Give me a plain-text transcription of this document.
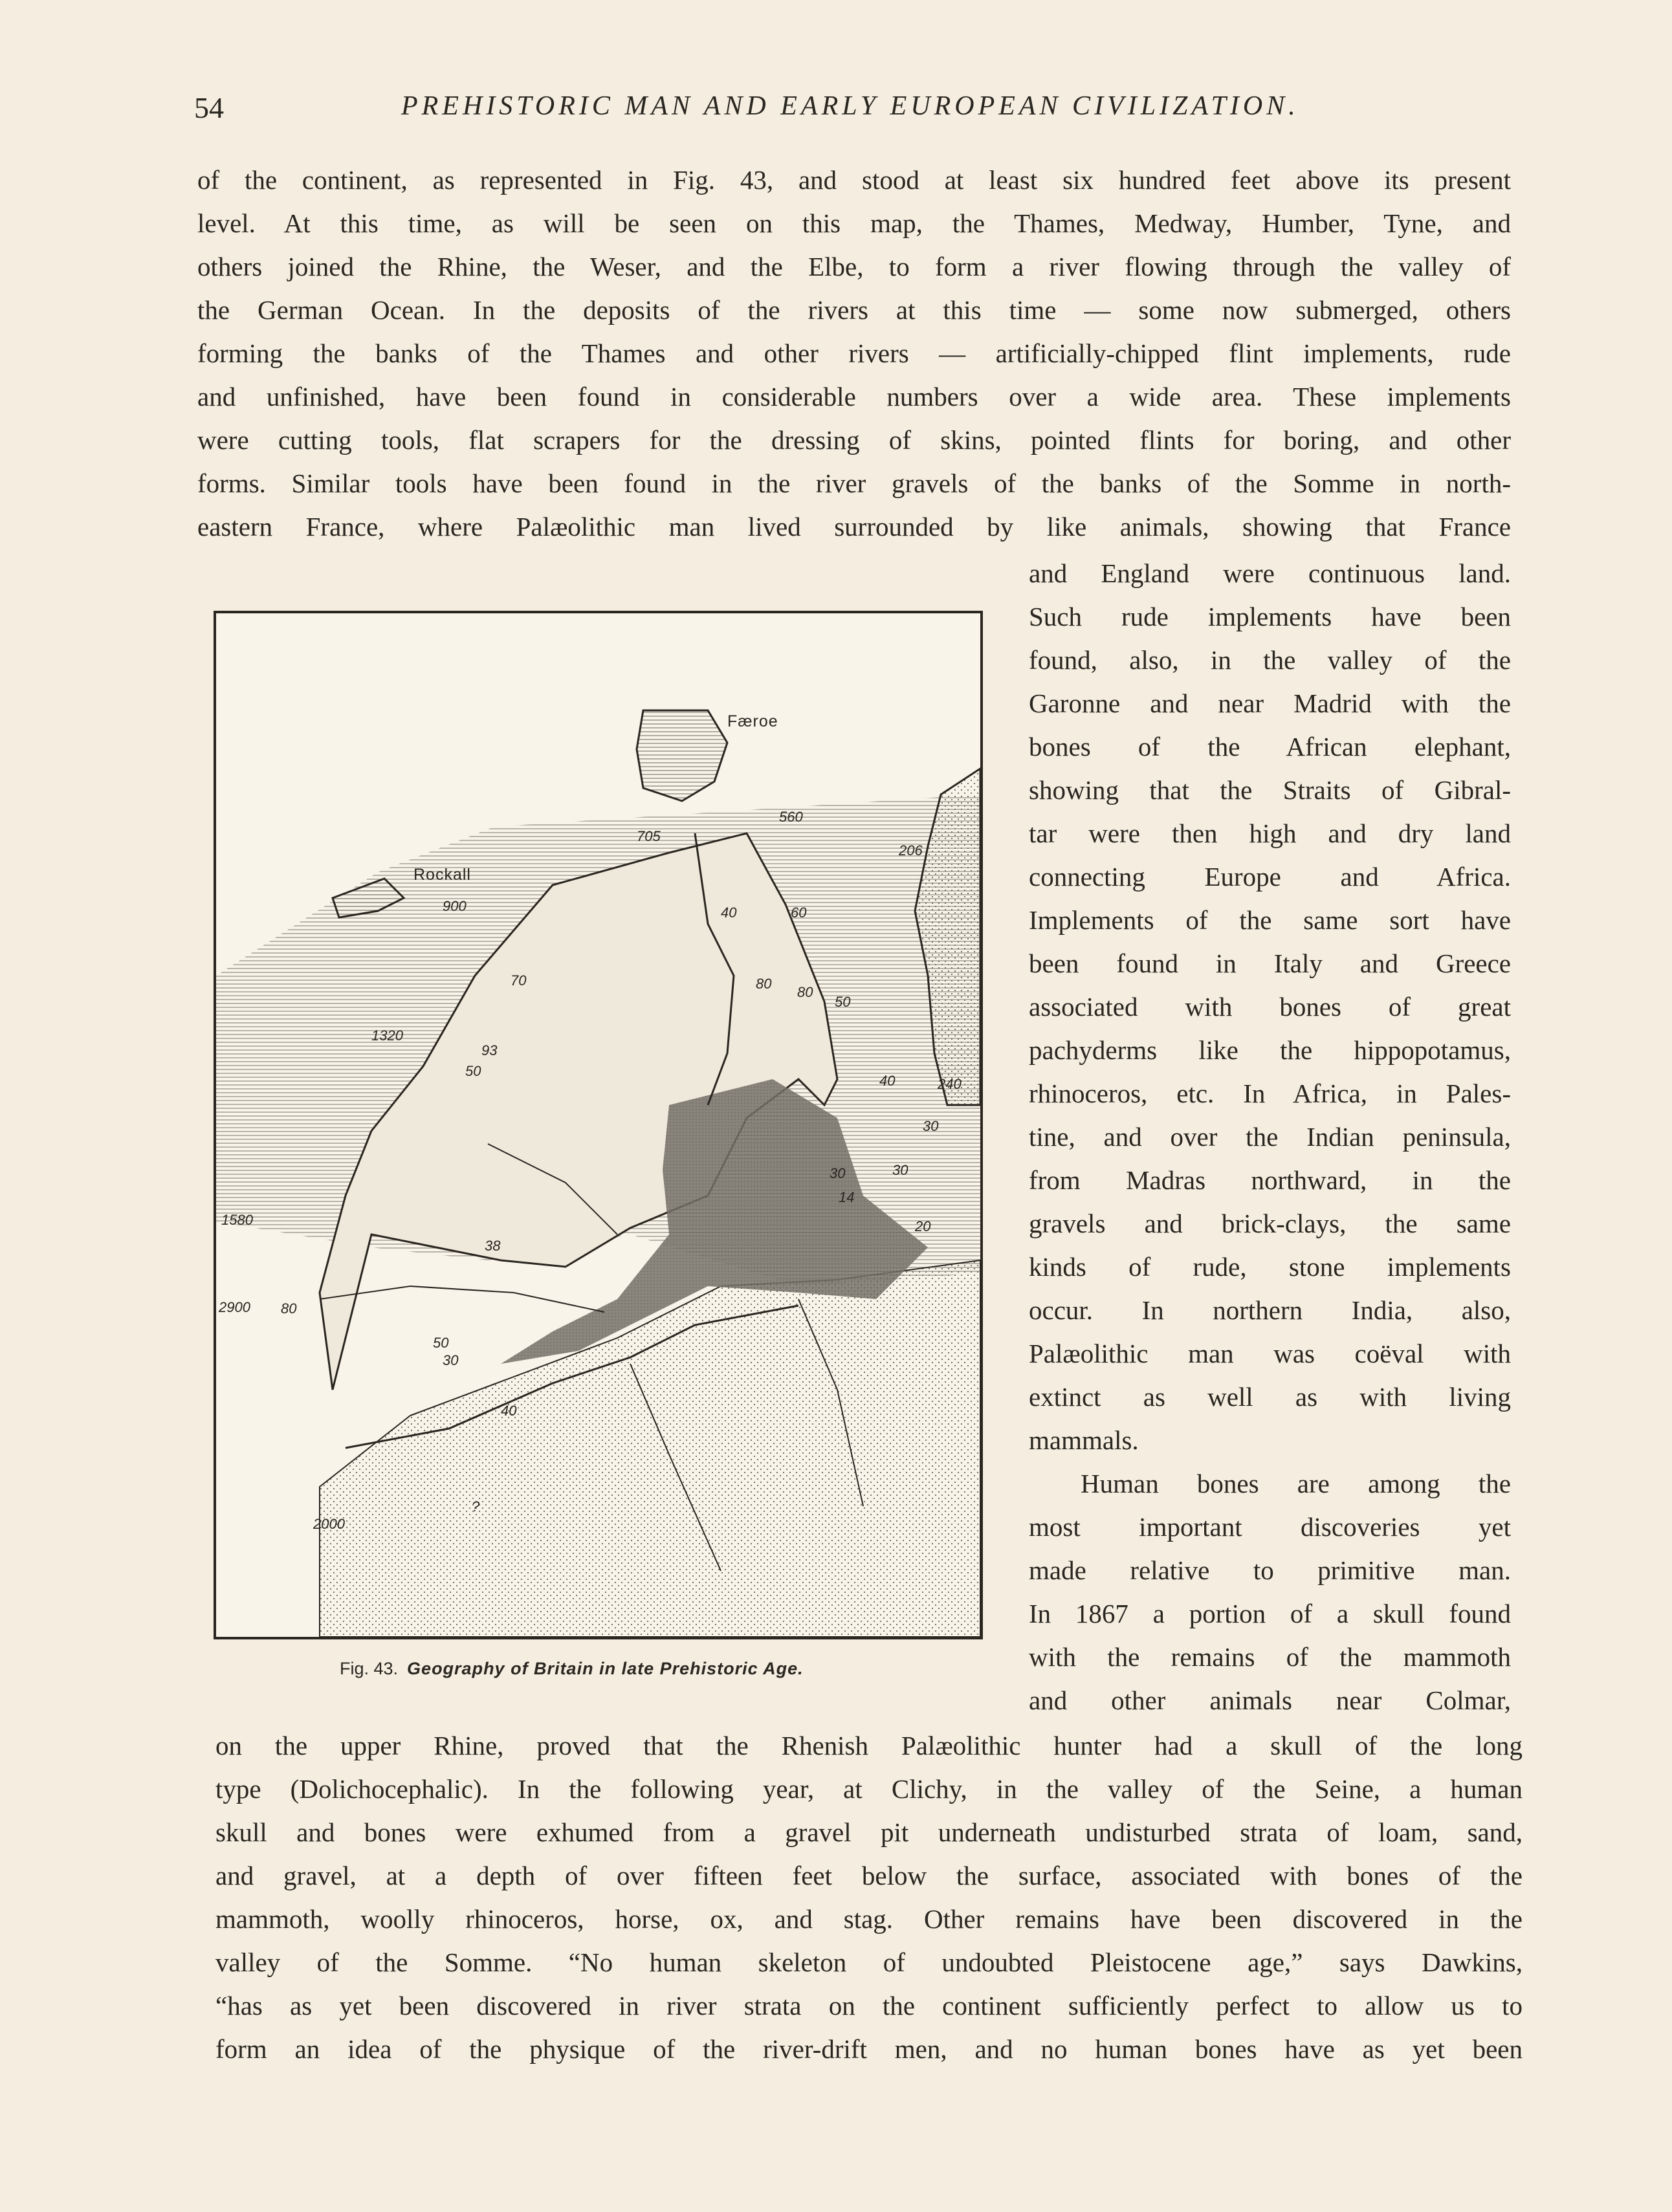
54	PREHISTORIC MAN AND EARLY EUROPEAN CIVILIZATION.
of the continent, as represented in Fig. 43, and stood at least six hundred feet above its present
level. At this time, as will be seen on this map, the Thames, Medway, Humber, Tyne, and
others joined the Rhine, the Weser, and the Elbe, to form a river flowing through the valley of
the German Ocean. In the deposits of the rivers at this time — some now submerged, others
forming the banks of the Thames and other rivers — artificially-chipped flint implements, rude
and unfinished, have been found in considerable numbers over a wide area. These implements
were cutting tools, flat scrapers for the dressing of skins, pointed flints for boring, and other
forms. Similar tools have been found in the river gravels of the banks of the Somme in north-
eastern France, where Palæolithic man lived surrounded by like animals, showing that France
and England were continuous land.
Such rude implements have been
found, also, in the valley of the
Garonne and near Madrid with the
bones of the African elephant,
showing that the Straits of Gibral-
tar were then high and dry land
connecting Europe and Africa.
Implements of the same sort have
been found in Italy and Greece
associated with bones of great
pachyderms like the hippopotamus,
rhinoceros, etc. In Africa, in Pales-
tine, and over the Indian peninsula,
from Madras northward, in the
gravels and brick-clays, the same
kinds of rude, stone implements
occur. In northern India, also,
Palæolithic man was coëval with
extinct as well as with living
mammals.
Human bones are among the
most important discoveries yet
made relative to primitive man.
In 1867 a portion of a skull found
with the remains of the mammoth
and other animals near Colmar,
Færoe
Rockall
900
705
560
206
40	60
80
80
50
70
1320
93
50
40	240
30
30	30
14
20
1580
38
2900 80
50
30
40
?
2000
Fig. 43. Geography of Britain in late Prehistoric Age.
on the upper Rhine, proved that the Rhenish Palæolithic hunter had a skull of the long
type (Dolichocephalic). In the following year, at Clichy, in the valley of the Seine, a human
skull and bones were exhumed from a gravel pit underneath undisturbed strata of loam, sand,
and gravel, at a depth of over fifteen feet below the surface, associated with bones of the
mammoth, woolly rhinoceros, horse, ox, and stag. Other remains have been discovered in the
valley of the Somme. “No human skeleton of undoubted Pleistocene age,” says Dawkins,
“has as yet been discovered in river strata on the continent sufficiently perfect to allow us to
form an idea of the physique of the river-drift men, and no human bones have as yet been
